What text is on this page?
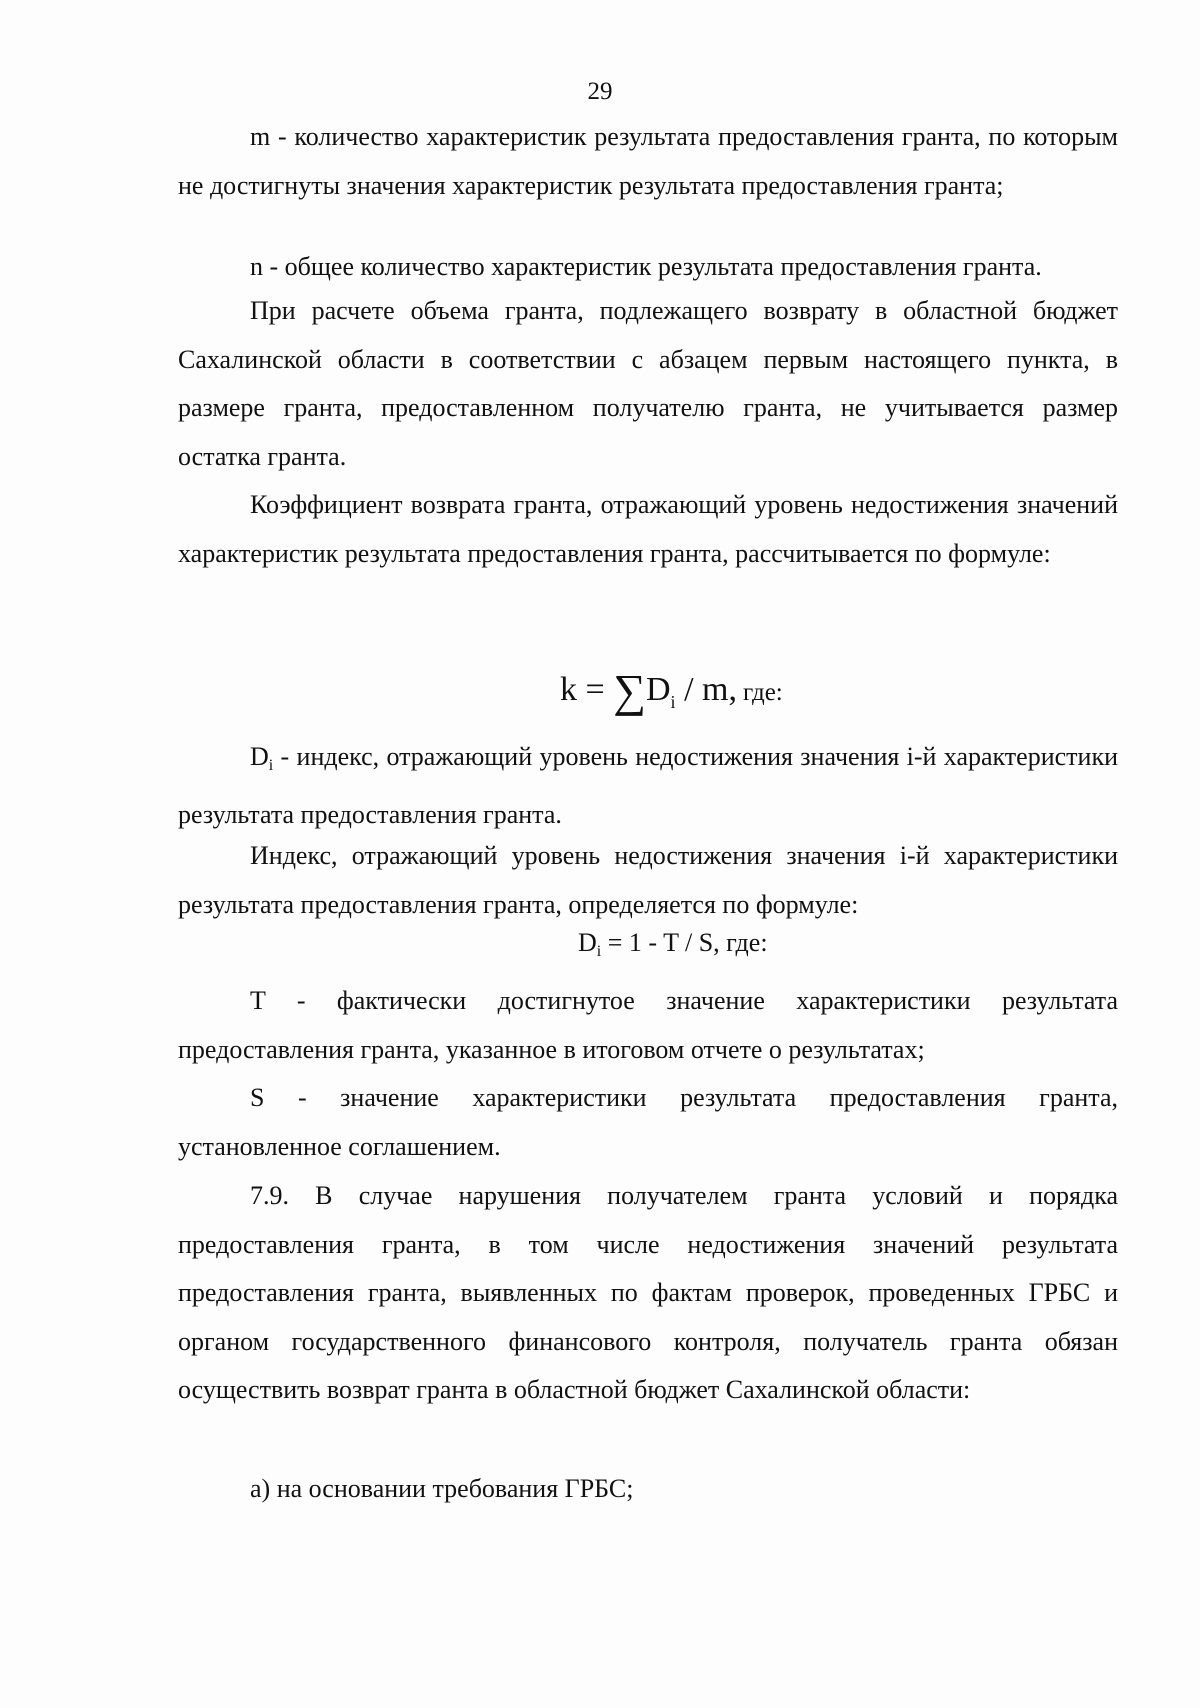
29

m - количество характеристик результата предоставления гранта, по которым не достигнуты значения характеристик результата предоставления гранта;

n - общее количество характеристик результата предоставления гранта.

При расчете объема гранта, подлежащего возврату в областной бюджет Сахалинской области в соответствии с абзацем первым настоящего пункта, в размере гранта, предоставленном получателю гранта, не учитывается размер остатка гранта.

Коэффициент возврата гранта, отражающий уровень недостижения значений характеристик результата предоставления гранта, рассчитывается по формуле:

$k = \sum D_i / m$, где:

$D_i$ - индекс, отражающий уровень недостижения значения i-й характеристики результата предоставления гранта.

Индекс, отражающий уровень недостижения значения i-й характеристики результата предоставления гранта, определяется по формуле:

$D_i = 1 - T / S$, где:

T - фактически достигнутое значение характеристики результата предоставления гранта, указанное в итоговом отчете о результатах;

S - значение характеристики результата предоставления гранта, установленное соглашением.

7.9. В случае нарушения получателем гранта условий и порядка предоставления гранта, в том числе недостижения значений результата предоставления гранта, выявленных по фактам проверок, проведенных ГРБС и органом государственного финансового контроля, получатель гранта обязан осуществить возврат гранта в областной бюджет Сахалинской области:

а) на основании требования ГРБС;
